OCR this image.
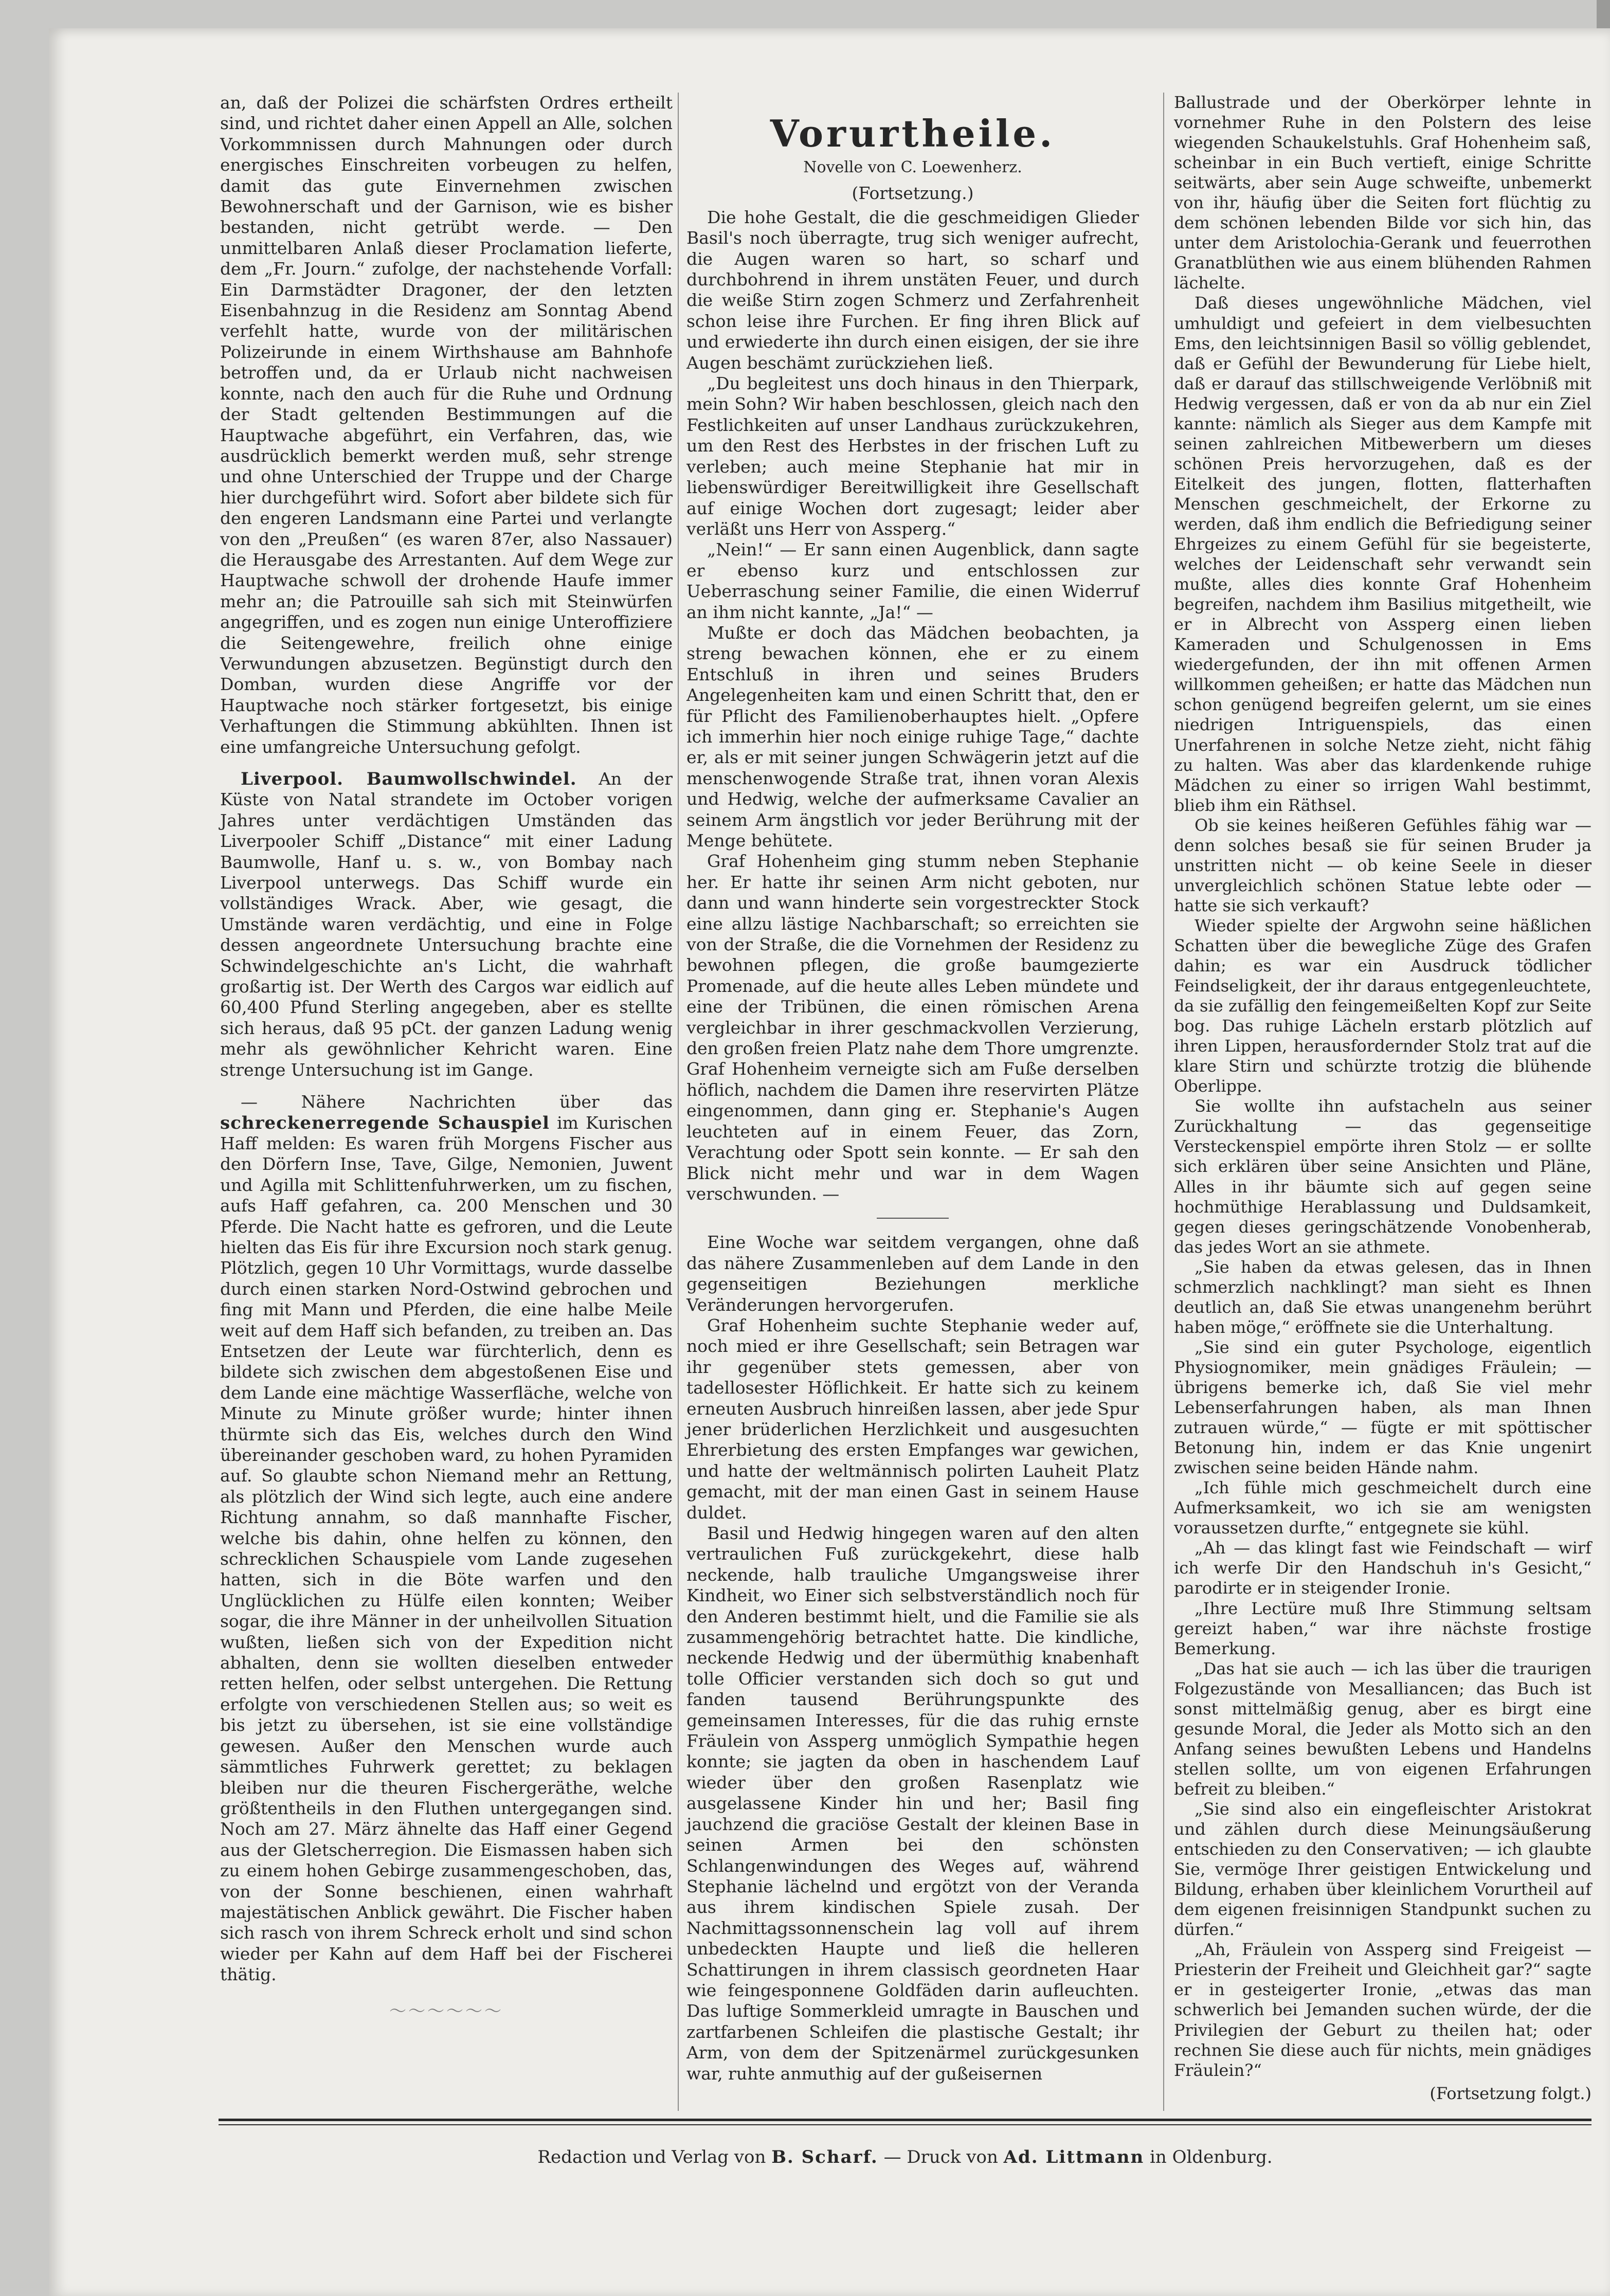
an, daß der Polizei die schärfsten Ordres ertheilt sind, und richtet daher einen Appell an Alle, solchen Vorkommnissen durch Mahnungen oder durch energisches Einschreiten vorbeugen zu helfen, damit das gute Einvernehmen zwischen Bewohnerschaft und der Garnison, wie es bisher bestanden, nicht getrübt werde. — Den unmittelbaren Anlaß dieser Proclamation lieferte, dem „Fr. Journ.“ zufolge, der nachstehende Vorfall: Ein Darmstädter Dragoner, der den letzten Eisenbahnzug in die Residenz am Sonntag Abend verfehlt hatte, wurde von der militärischen Polizeirunde in einem Wirthshause am Bahnhofe betroffen und, da er Urlaub nicht nachweisen konnte, nach den auch für die Ruhe und Ordnung der Stadt geltenden Bestimmungen auf die Hauptwache abgeführt, ein Verfahren, das, wie ausdrücklich bemerkt werden muß, sehr strenge und ohne Unterschied der Truppe und der Charge hier durchgeführt wird. Sofort aber bildete sich für den engeren Landsmann eine Partei und verlangte von den „Preußen“ (es waren 87er, also Nassauer) die Herausgabe des Arrestanten. Auf dem Wege zur Hauptwache schwoll der drohende Haufe immer mehr an; die Patrouille sah sich mit Steinwürfen angegriffen, und es zogen nun einige Unteroffiziere die Seitengewehre, freilich ohne einige Verwundungen abzusetzen. Begünstigt durch den Domban, wurden diese Angriffe vor der Hauptwache noch stärker fortgesetzt, bis einige Verhaftungen die Stimmung abkühlten. Ihnen ist eine umfangreiche Untersuchung gefolgt.

Liverpool. Baumwollschwindel. An der Küste von Natal strandete im October vorigen Jahres unter verdächtigen Umständen das Liverpooler Schiff „Distance“ mit einer Ladung Baumwolle, Hanf u. s. w., von Bombay nach Liverpool unterwegs. Das Schiff wurde ein vollständiges Wrack. Aber, wie gesagt, die Umstände waren verdächtig, und eine in Folge dessen angeordnete Untersuchung brachte eine Schwindelgeschichte an's Licht, die wahrhaft großartig ist. Der Werth des Cargos war eidlich auf 60,400 Pfund Sterling angegeben, aber es stellte sich heraus, daß 95 pCt. der ganzen Ladung wenig mehr als gewöhnlicher Kehricht waren. Eine strenge Untersuchung ist im Gange.

— Nähere Nachrichten über das schreckenerregende Schauspiel im Kurischen Haff melden: Es waren früh Morgens Fischer aus den Dörfern Inse, Tave, Gilge, Nemonien, Juwent und Agilla mit Schlittenfuhrwerken, um zu fischen, aufs Haff gefahren, ca. 200 Menschen und 30 Pferde. Die Nacht hatte es gefroren, und die Leute hielten das Eis für ihre Excursion noch stark genug. Plötzlich, gegen 10 Uhr Vormittags, wurde dasselbe durch einen starken Nord-Ostwind gebrochen und fing mit Mann und Pferden, die eine halbe Meile weit auf dem Haff sich befanden, zu treiben an. Das Entsetzen der Leute war fürchterlich, denn es bildete sich zwischen dem abgestoßenen Eise und dem Lande eine mächtige Wasserfläche, welche von Minute zu Minute größer wurde; hinter ihnen thürmte sich das Eis, welches durch den Wind übereinander geschoben ward, zu hohen Pyramiden auf. So glaubte schon Niemand mehr an Rettung, als plötzlich der Wind sich legte, auch eine andere Richtung annahm, so daß mannhafte Fischer, welche bis dahin, ohne helfen zu können, den schrecklichen Schauspiele vom Lande zugesehen hatten, sich in die Böte warfen und den Unglücklichen zu Hülfe eilen konnten; Weiber sogar, die ihre Männer in der unheilvollen Situation wußten, ließen sich von der Expedition nicht abhalten, denn sie wollten dieselben entweder retten helfen, oder selbst untergehen. Die Rettung erfolgte von verschiedenen Stellen aus; so weit es bis jetzt zu übersehen, ist sie eine vollständige gewesen. Außer den Menschen wurde auch sämmtliches Fuhrwerk gerettet; zu beklagen bleiben nur die theuren Fischergeräthe, welche größtentheils in den Fluthen untergegangen sind. Noch am 27. März ähnelte das Haff einer Gegend aus der Gletscherregion. Die Eismassen haben sich zu einem hohen Gebirge zusammengeschoben, das, von der Sonne beschienen, einen wahrhaft majestätischen Anblick gewährt. Die Fischer haben sich rasch von ihrem Schreck erholt und sind schon wieder per Kahn auf dem Haff bei der Fischerei thätig.

～～～～～～
Vorurtheile.
Novelle von C. Loewenherz.
(Fortsetzung.)

Die hohe Gestalt, die die geschmeidigen Glieder Basil's noch überragte, trug sich weniger aufrecht, die Augen waren so hart, so scharf und durchbohrend in ihrem unstäten Feuer, und durch die weiße Stirn zogen Schmerz und Zerfahrenheit schon leise ihre Furchen. Er fing ihren Blick auf und erwiederte ihn durch einen eisigen, der sie ihre Augen beschämt zurückziehen ließ.

„Du begleitest uns doch hinaus in den Thierpark, mein Sohn? Wir haben beschlossen, gleich nach den Festlichkeiten auf unser Landhaus zurückzukehren, um den Rest des Herbstes in der frischen Luft zu verleben; auch meine Stephanie hat mir in liebenswürdiger Bereitwilligkeit ihre Gesellschaft auf einige Wochen dort zugesagt; leider aber verläßt uns Herr von Assperg.“

„Nein!“ — Er sann einen Augenblick, dann sagte er ebenso kurz und entschlossen zur Ueberraschung seiner Familie, die einen Widerruf an ihm nicht kannte, „Ja!“ —

Mußte er doch das Mädchen beobachten, ja streng bewachen können, ehe er zu einem Entschluß in ihren und seines Bruders Angelegenheiten kam und einen Schritt that, den er für Pflicht des Familienoberhauptes hielt. „Opfere ich immerhin hier noch einige ruhige Tage,“ dachte er, als er mit seiner jungen Schwägerin jetzt auf die menschenwogende Straße trat, ihnen voran Alexis und Hedwig, welche der aufmerksame Cavalier an seinem Arm ängstlich vor jeder Berührung mit der Menge behütete.

Graf Hohenheim ging stumm neben Stephanie her. Er hatte ihr seinen Arm nicht geboten, nur dann und wann hinderte sein vorgestreckter Stock eine allzu lästige Nachbarschaft; so erreichten sie von der Straße, die die Vornehmen der Residenz zu bewohnen pflegen, die große baumgezierte Promenade, auf die heute alles Leben mündete und eine der Tribünen, die einen römischen Arena vergleichbar in ihrer geschmackvollen Verzierung, den großen freien Platz nahe dem Thore umgrenzte. Graf Hohenheim verneigte sich am Fuße derselben höflich, nachdem die Damen ihre reservirten Plätze eingenommen, dann ging er. Stephanie's Augen leuchteten auf in einem Feuer, das Zorn, Verachtung oder Spott sein konnte. — Er sah den Blick nicht mehr und war in dem Wagen verschwunden. —

Eine Woche war seitdem vergangen, ohne daß das nähere Zusammenleben auf dem Lande in den gegenseitigen Beziehungen merkliche Veränderungen hervorgerufen.

Graf Hohenheim suchte Stephanie weder auf, noch mied er ihre Gesellschaft; sein Betragen war ihr gegenüber stets gemessen, aber von tadellosester Höflichkeit. Er hatte sich zu keinem erneuten Ausbruch hinreißen lassen, aber jede Spur jener brüderlichen Herzlichkeit und ausgesuchten Ehrerbietung des ersten Empfanges war gewichen, und hatte der weltmännisch polirten Lauheit Platz gemacht, mit der man einen Gast in seinem Hause duldet.

Basil und Hedwig hingegen waren auf den alten vertraulichen Fuß zurückgekehrt, diese halb neckende, halb trauliche Umgangsweise ihrer Kindheit, wo Einer sich selbstverständlich noch für den Anderen bestimmt hielt, und die Familie sie als zusammengehörig betrachtet hatte. Die kindliche, neckende Hedwig und der übermüthig knabenhaft tolle Officier verstanden sich doch so gut und fanden tausend Berührungspunkte des gemeinsamen Interesses, für die das ruhig ernste Fräulein von Assperg unmöglich Sympathie hegen konnte; sie jagten da oben in haschendem Lauf wieder über den großen Rasenplatz wie ausgelassene Kinder hin und her; Basil fing jauchzend die graciöse Gestalt der kleinen Base in seinen Armen bei den schönsten Schlangenwindungen des Weges auf, während Stephanie lächelnd und ergötzt von der Veranda aus ihrem kindischen Spiele zusah. Der Nachmittagssonnenschein lag voll auf ihrem unbedeckten Haupte und ließ die helleren Schattirungen in ihrem classisch geordneten Haar wie feingesponnene Goldfäden darin aufleuchten. Das luftige Sommerkleid umragte in Bauschen und zartfarbenen Schleifen die plastische Gestalt; ihr Arm, von dem der Spitzenärmel zurückgesunken war, ruhte anmuthig auf der gußeisernen

Ballustrade und der Oberkörper lehnte in vornehmer Ruhe in den Polstern des leise wiegenden Schaukelstuhls. Graf Hohenheim saß, scheinbar in ein Buch vertieft, einige Schritte seitwärts, aber sein Auge schweifte, unbemerkt von ihr, häufig über die Seiten fort flüchtig zu dem schönen lebenden Bilde vor sich hin, das unter dem Aristolochia-Gerank und feuerrothen Granatblüthen wie aus einem blühenden Rahmen lächelte.

Daß dieses ungewöhnliche Mädchen, viel umhuldigt und gefeiert in dem vielbesuchten Ems, den leichtsinnigen Basil so völlig geblendet, daß er Gefühl der Bewunderung für Liebe hielt, daß er darauf das stillschweigende Verlöbniß mit Hedwig vergessen, daß er von da ab nur ein Ziel kannte: nämlich als Sieger aus dem Kampfe mit seinen zahlreichen Mitbewerbern um dieses schönen Preis hervorzugehen, daß es der Eitelkeit des jungen, flotten, flatterhaften Menschen geschmeichelt, der Erkorne zu werden, daß ihm endlich die Befriedigung seiner Ehrgeizes zu einem Gefühl für sie begeisterte, welches der Leidenschaft sehr verwandt sein mußte, alles dies konnte Graf Hohenheim begreifen, nachdem ihm Basilius mitgetheilt, wie er in Albrecht von Assperg einen lieben Kameraden und Schulgenossen in Ems wiedergefunden, der ihn mit offenen Armen willkommen geheißen; er hatte das Mädchen nun schon genügend begreifen gelernt, um sie eines niedrigen Intriguenspiels, das einen Unerfahrenen in solche Netze zieht, nicht fähig zu halten. Was aber das klardenkende ruhige Mädchen zu einer so irrigen Wahl bestimmt, blieb ihm ein Räthsel.

Ob sie keines heißeren Gefühles fähig war — denn solches besaß sie für seinen Bruder ja unstritten nicht — ob keine Seele in dieser unvergleichlich schönen Statue lebte oder — hatte sie sich verkauft?

Wieder spielte der Argwohn seine häßlichen Schatten über die bewegliche Züge des Grafen dahin; es war ein Ausdruck tödlicher Feindseligkeit, der ihr daraus entgegenleuchtete, da sie zufällig den feingemeißelten Kopf zur Seite bog. Das ruhige Lächeln erstarb plötzlich auf ihren Lippen, herausfordernder Stolz trat auf die klare Stirn und schürzte trotzig die blühende Oberlippe.

Sie wollte ihn aufstacheln aus seiner Zurückhaltung — das gegenseitige Versteckenspiel empörte ihren Stolz — er sollte sich erklären über seine Ansichten und Pläne, Alles in ihr bäumte sich auf gegen seine hochmüthige Herablassung und Duldsamkeit, gegen dieses geringschätzende Vonobenherab, das jedes Wort an sie athmete.

„Sie haben da etwas gelesen, das in Ihnen schmerzlich nachklingt? man sieht es Ihnen deutlich an, daß Sie etwas unangenehm berührt haben möge,“ eröffnete sie die Unterhaltung.

„Sie sind ein guter Psychologe, eigentlich Physiognomiker, mein gnädiges Fräulein; — übrigens bemerke ich, daß Sie viel mehr Lebenserfahrungen haben, als man Ihnen zutrauen würde,“ — fügte er mit spöttischer Betonung hin, indem er das Knie ungenirt zwischen seine beiden Hände nahm.

„Ich fühle mich geschmeichelt durch eine Aufmerksamkeit, wo ich sie am wenigsten voraussetzen durfte,“ entgegnete sie kühl.

„Ah — das klingt fast wie Feindschaft — wirf ich werfe Dir den Handschuh in's Gesicht,“ parodirte er in steigender Ironie.

„Ihre Lectüre muß Ihre Stimmung seltsam gereizt haben,“ war ihre nächste frostige Bemerkung.

„Das hat sie auch — ich las über die traurigen Folgezustände von Mesalliancen; das Buch ist sonst mittelmäßig genug, aber es birgt eine gesunde Moral, die Jeder als Motto sich an den Anfang seines bewußten Lebens und Handelns stellen sollte, um von eigenen Erfahrungen befreit zu bleiben.“

„Sie sind also ein eingefleischter Aristokrat und zählen durch diese Meinungsäußerung entschieden zu den Conservativen; — ich glaubte Sie, vermöge Ihrer geistigen Entwickelung und Bildung, erhaben über kleinlichem Vorurtheil auf dem eigenen freisinnigen Standpunkt suchen zu dürfen.“

„Ah, Fräulein von Assperg sind Freigeist — Priesterin der Freiheit und Gleichheit gar?“ sagte er in gesteigerter Ironie, „etwas das man schwerlich bei Jemanden suchen würde, der die Privilegien der Geburt zu theilen hat; oder rechnen Sie diese auch für nichts, mein gnädiges Fräulein?“

(Fortsetzung folgt.)
Redaction und Verlag von B. Scharf. — Druck von Ad. Littmann in Oldenburg.
